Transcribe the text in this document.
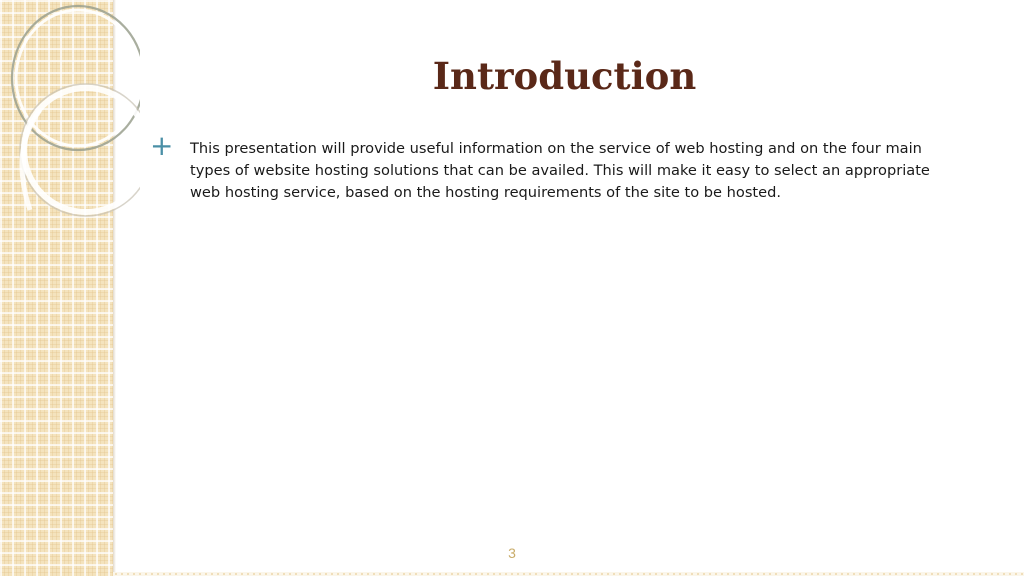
Introduction
+ This presentation will provide useful information on the service of web hosting and on the four main types of website hosting solutions that can be availed. This will make it easy to select an appropriate web hosting service, based on the hosting requirements of the site to be hosted.

3
